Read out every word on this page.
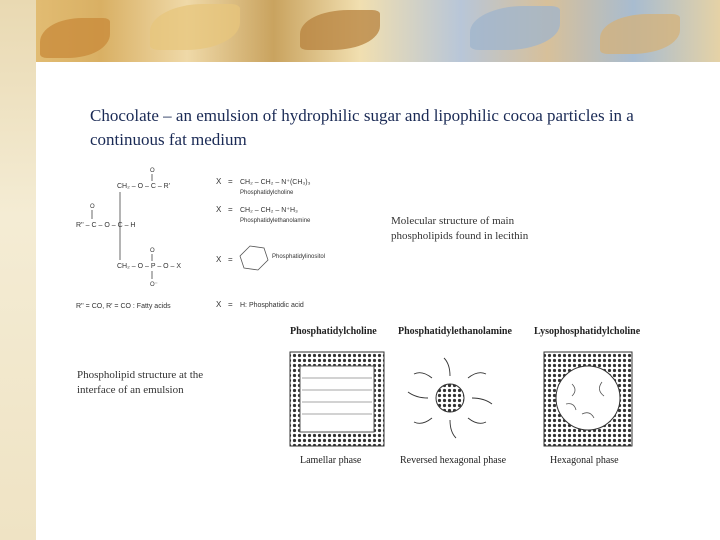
Chocolate – an emulsion of hydrophilic sugar and lipophilic cocoa particles in a continuous fat medium
O
CH₂ – O – C – R'
O
R'' – C – O – C – H
O
CH₂ – O – P – O – X
O⁻
R'' = CO, R' = CO : Fatty acids
X = CH₂ – CH₂ – N⁺(CH₃)₃
Phosphatidylcholine
X = CH₂ – CH₂ – N⁺H₃
Phosphatidylethanolamine
X =	Phosphatidylinositol
X = H: Phosphatidic acid
Molecular structure of main phospholipids found in lecithin
Phospholipid structure at the interface of an emulsion
Phosphatidylcholine Phosphatidylethanolamine Lysophosphatidylcholine
Lamellar phase	Reversed hexagonal phase	Hexagonal phase
